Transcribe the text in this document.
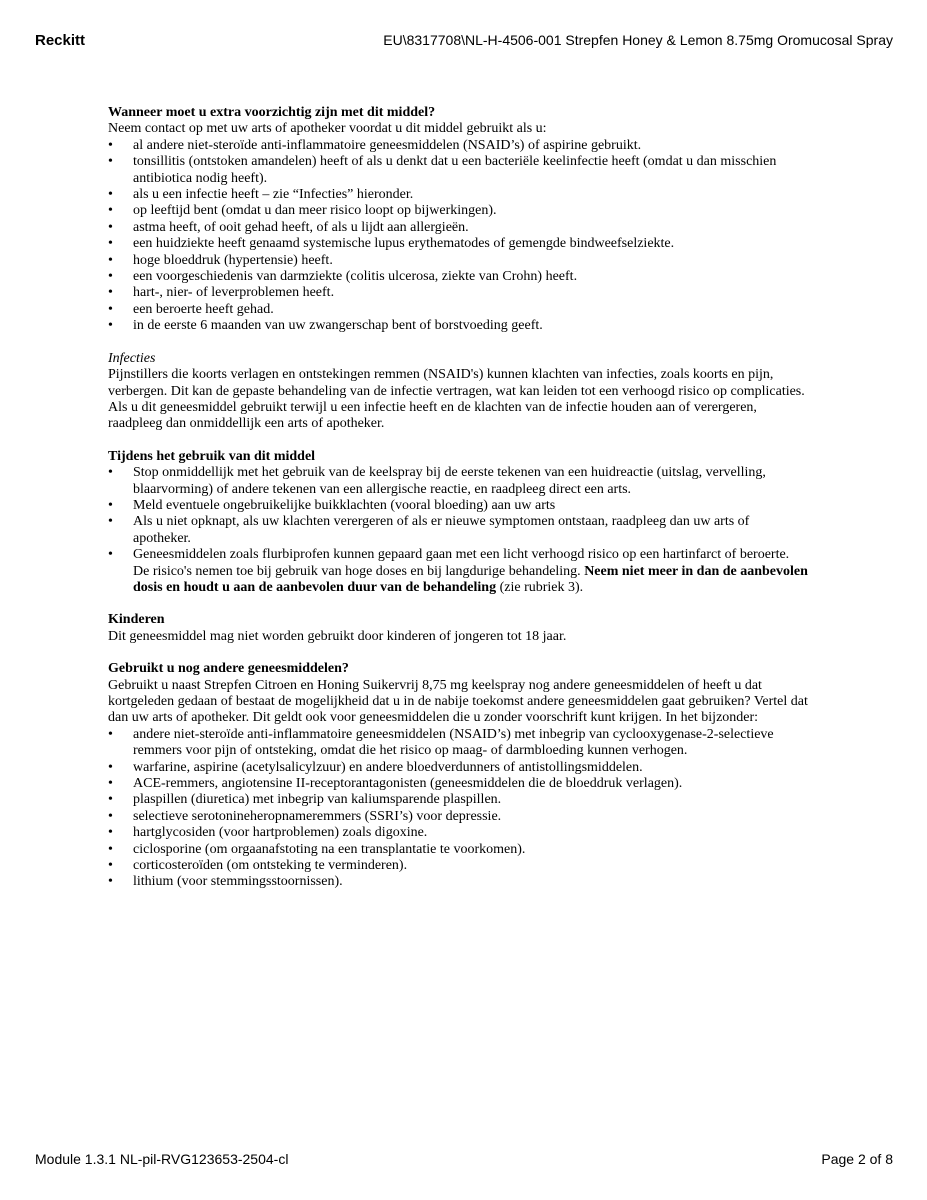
Reckitt	EU\8317708\NL-H-4506-001 Strepfen Honey & Lemon 8.75mg Oromucosal Spray
Wanneer moet u extra voorzichtig zijn met dit middel?

Neem contact op met uw arts of apotheker voordat u dit middel gebruikt als u:

• al andere niet-steroïde anti-inflammatoire geneesmiddelen (NSAID’s) of aspirine gebruikt.
• tonsillitis (ontstoken amandelen) heeft of als u denkt dat u een bacteriële keelinfectie heeft (omdat u dan misschien antibiotica nodig heeft).
• als u een infectie heeft – zie “Infecties” hieronder.
• op leeftijd bent (omdat u dan meer risico loopt op bijwerkingen).
• astma heeft, of ooit gehad heeft, of als u lijdt aan allergieën.
• een huidziekte heeft genaamd systemische lupus erythematodes of gemengde bindweefselziekte.
• hoge bloeddruk (hypertensie) heeft.
• een voorgeschiedenis van darmziekte (colitis ulcerosa, ziekte van Crohn) heeft.
• hart-, nier- of leverproblemen heeft.
• een beroerte heeft gehad.
• in de eerste 6 maanden van uw zwangerschap bent of borstvoeding geeft.
Infecties

Pijnstillers die koorts verlagen en ontstekingen remmen (NSAID's) kunnen klachten van infecties, zoals koorts en pijn, verbergen. Dit kan de gepaste behandeling van de infectie vertragen, wat kan leiden tot een verhoogd risico op complicaties. Als u dit geneesmiddel gebruikt terwijl u een infectie heeft en de klachten van de infectie houden aan of verergeren, raadpleeg dan onmiddellijk een arts of apotheker.

Tijdens het gebruik van dit middel
• Stop onmiddellijk met het gebruik van de keelspray bij de eerste tekenen van een huidreactie (uitslag, vervelling, blaarvorming) of andere tekenen van een allergische reactie, en raadpleeg direct een arts.
• Meld eventuele ongebruikelijke buikklachten (vooral bloeding) aan uw arts
• Als u niet opknapt, als uw klachten verergeren of als er nieuwe symptomen ontstaan, raadpleeg dan uw arts of apotheker.
• Geneesmiddelen zoals flurbiprofen kunnen gepaard gaan met een licht verhoogd risico op een hartinfarct of beroerte. De risico's nemen toe bij gebruik van hoge doses en bij langdurige behandeling. Neem niet meer in dan de aanbevolen dosis en houdt u aan de aanbevolen duur van de behandeling (zie rubriek 3).
Kinderen

Dit geneesmiddel mag niet worden gebruikt door kinderen of jongeren tot 18 jaar.

Gebruikt u nog andere geneesmiddelen?

Gebruikt u naast Strepfen Citroen en Honing Suikervrij 8,75 mg keelspray nog andere geneesmiddelen of heeft u dat kortgeleden gedaan of bestaat de mogelijkheid dat u in de nabije toekomst andere geneesmiddelen gaat gebruiken? Vertel dat dan uw arts of apotheker. Dit geldt ook voor geneesmiddelen die u zonder voorschrift kunt krijgen. In het bijzonder:

• andere niet-steroïde anti-inflammatoire geneesmiddelen (NSAID’s) met inbegrip van cyclooxygenase-2-selectieve remmers voor pijn of ontsteking, omdat die het risico op maag- of darmbloeding kunnen verhogen.
• warfarine, aspirine (acetylsalicylzuur) en andere bloedverdunners of antistollingsmiddelen.
• ACE-remmers, angiotensine II-receptorantagonisten (geneesmiddelen die de bloeddruk verlagen).
• plaspillen (diuretica) met inbegrip van kaliumsparende plaspillen.
• selectieve serotonineheropnameremmers (SSRI’s) voor depressie.
• hartglycosiden (voor hartproblemen) zoals digoxine.
• ciclosporine (om orgaanafstoting na een transplantatie te voorkomen).
• corticosteroïden (om ontsteking te verminderen).
• lithium (voor stemmingsstoornissen).
Module 1.3.1 NL-pil-RVG123653-2504-cl	Page 2 of 8
